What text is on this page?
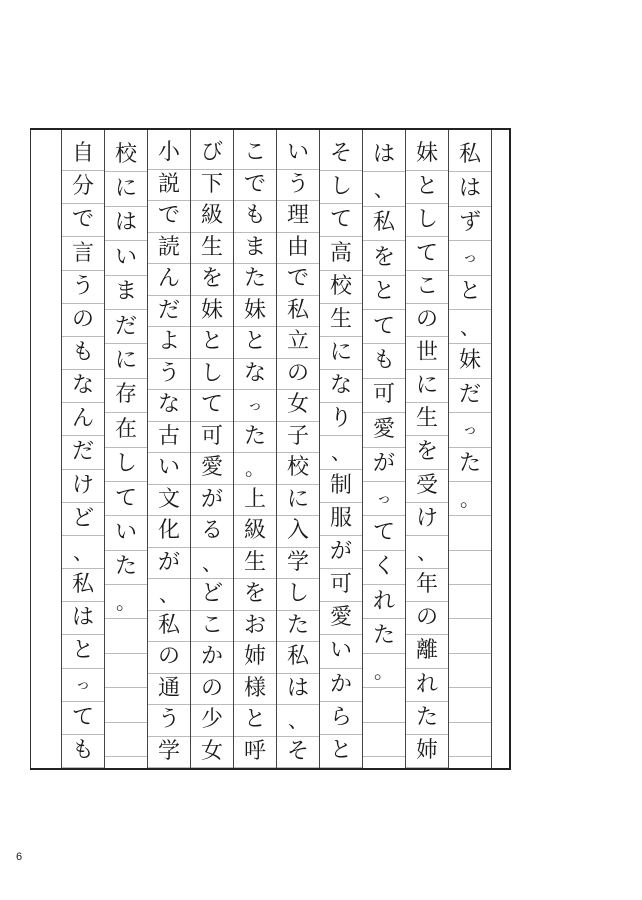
私
は
ず
っ
と
、
妹
だ
っ
た
。
妹
と
し
て
こ
の
世
に
生
を
受
け
、
年
の
離
れ
た
姉
は
、
私
を
と
て
も
可
愛
が
っ
て
く
れ
た
。
そ
し
て
高
校
生
に
な
り
、
制
服
が
可
愛
い
か
ら
と
い
う
理
由
で
私
立
の
女
子
校
に
入
学
し
た
私
は
、
そ
こ
で
も
ま
た
妹
と
な
っ
た
。
上
級
生
を
お
姉
様
と
呼
び
下
級
生
を
妹
と
し
て
可
愛
が
る
、
ど
こ
か
の
少
女
小
説
で
読
ん
だ
よ
う
な
古
い
文
化
が
、
私
の
通
う
学
校
に
は
い
ま
だ
に
存
在
し
て
い
た
。
自
分
で
言
う
の
も
な
ん
だ
け
ど
、
私
は
と
っ
て
も
6
